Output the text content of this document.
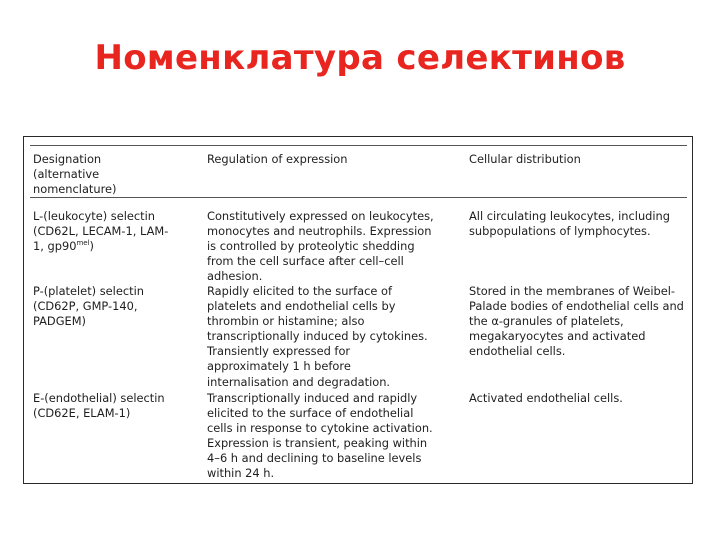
Номенклатура селектинов
Designation
(alternative
nomenclature)
Regulation of expression	Cellular distribution
L-(leukocyte) selectin
(CD62L, LECAM-1, LAM-
1, $gp90^{mel}$)
Constitutively expressed on leukocytes,
monocytes and neutrophils. Expression
is controlled by proteolytic shedding
from the cell surface after cell–cell
adhesion.
All circulating leukocytes, including
subpopulations of lymphocytes.
P-(platelet) selectin
(CD62P, GMP-140,
PADGEM)
Rapidly elicited to the surface of
platelets and endothelial cells by
thrombin or histamine; also
transcriptionally induced by cytokines.
Transiently expressed for
approximately 1 h before
internalisation and degradation.
Stored in the membranes of Weibel-
Palade bodies of endothelial cells and
the α-granules of platelets,
megakaryocytes and activated
endothelial cells.
E-(endothelial) selectin
(CD62E, ELAM-1)
Transcriptionally induced and rapidly
elicited to the surface of endothelial
cells in response to cytokine activation.
Expression is transient, peaking within
4–6 h and declining to baseline levels
within 24 h.
Activated endothelial cells.
